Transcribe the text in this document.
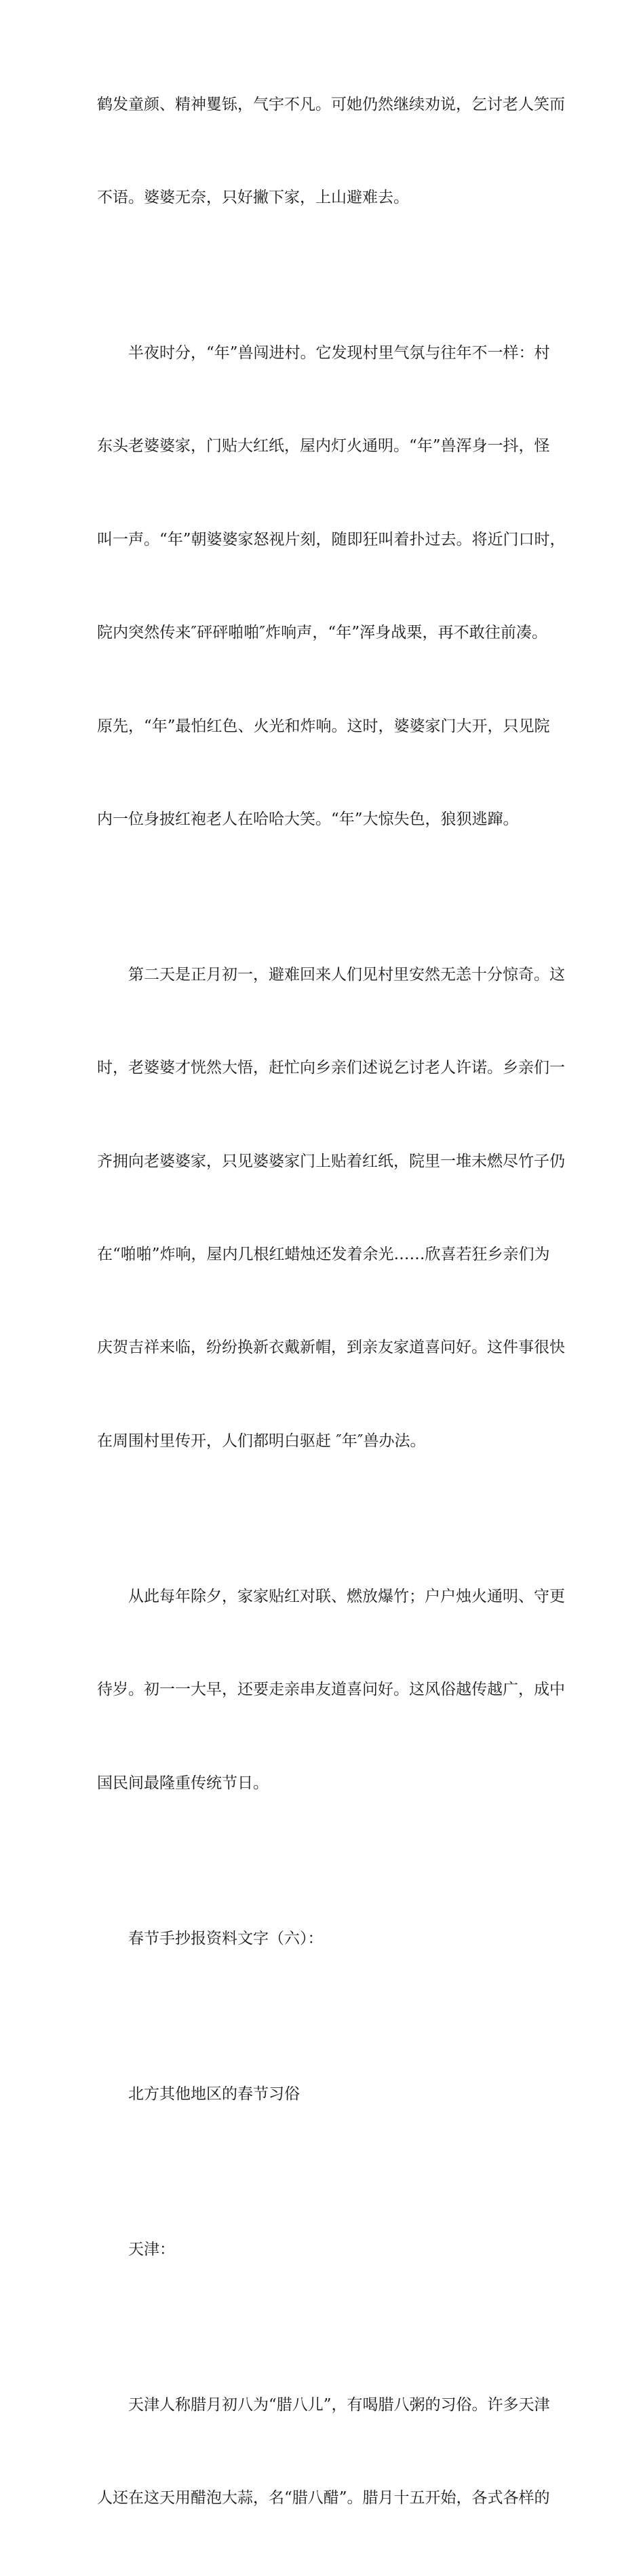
鹤发童颜、精神矍铄，气宇不凡。可她仍然继续劝说，乞讨老人笑而

不语。婆婆无奈，只好撇下家，上山避难去。

半夜时分，“年”兽闯进村。它发现村里气氛与往年不一样：村

东头老婆婆家，门贴大红纸，屋内灯火通明。“年”兽浑身一抖，怪

叫一声。“年”朝婆婆家怒视片刻，随即狂叫着扑过去。将近门口时，

院内突然传来″砰砰啪啪″炸响声，“年”浑身战栗，再不敢往前凑。

原先，“年”最怕红色、火光和炸响。这时，婆婆家门大开，只见院

内一位身披红袍老人在哈哈大笑。“年”大惊失色，狼狈逃蹿。

第二天是正月初一，避难回来人们见村里安然无恙十分惊奇。这

时，老婆婆才恍然大悟，赶忙向乡亲们述说乞讨老人许诺。乡亲们一

齐拥向老婆婆家，只见婆婆家门上贴着红纸，院里一堆未燃尽竹子仍

在“啪啪”炸响，屋内几根红蜡烛还发着余光……欣喜若狂乡亲们为

庆贺吉祥来临，纷纷换新衣戴新帽，到亲友家道喜问好。这件事很快

在周围村里传开，人们都明白驱赶 ″年″兽办法。

从此每年除夕，家家贴红对联、燃放爆竹；户户烛火通明、守更

待岁。初一一大早，还要走亲串友道喜问好。这风俗越传越广，成中

国民间最隆重传统节日。

春节手抄报资料文字（六）：

北方其他地区的春节习俗

天津：

天津人称腊月初八为“腊八儿”，有喝腊八粥的习俗。许多天津

人还在这天用醋泡大蒜，名“腊八醋”。腊月十五开始，各式各样的
